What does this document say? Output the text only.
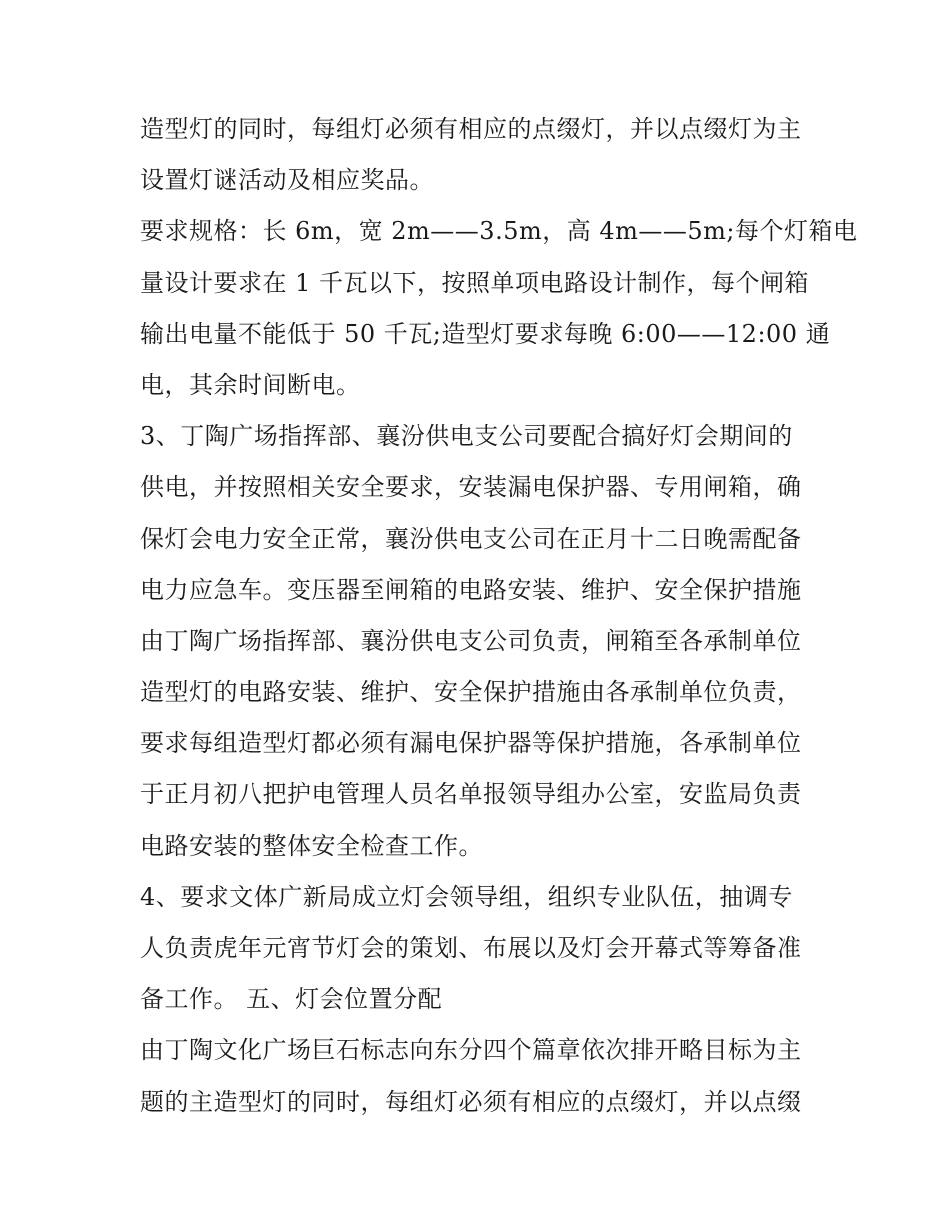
造型灯的同时，每组灯必须有相应的点缀灯，并以点缀灯为主
设置灯谜活动及相应奖品。
要求规格：长 6m，宽 2m——3.5m，高 4m——5m;每个灯箱电
量设计要求在 1 千瓦以下，按照单项电路设计制作，每个闸箱
输出电量不能低于 50 千瓦;造型灯要求每晚 6:00——12:00 通
电，其余时间断电。
3、丁陶广场指挥部、襄汾供电支公司要配合搞好灯会期间的
供电，并按照相关安全要求，安装漏电保护器、专用闸箱，确
保灯会电力安全正常，襄汾供电支公司在正月十二日晚需配备
电力应急车。变压器至闸箱的电路安装、维护、安全保护措施
由丁陶广场指挥部、襄汾供电支公司负责，闸箱至各承制单位
造型灯的电路安装、维护、安全保护措施由各承制单位负责，
要求每组造型灯都必须有漏电保护器等保护措施，各承制单位
于正月初八把护电管理人员名单报领导组办公室，安监局负责
电路安装的整体安全检查工作。
4、要求文体广新局成立灯会领导组，组织专业队伍，抽调专
人负责虎年元宵节灯会的策划、布展以及灯会开幕式等筹备准
备工作。 五、灯会位置分配
由丁陶文化广场巨石标志向东分四个篇章依次排开略目标为主
题的主造型灯的同时，每组灯必须有相应的点缀灯，并以点缀
